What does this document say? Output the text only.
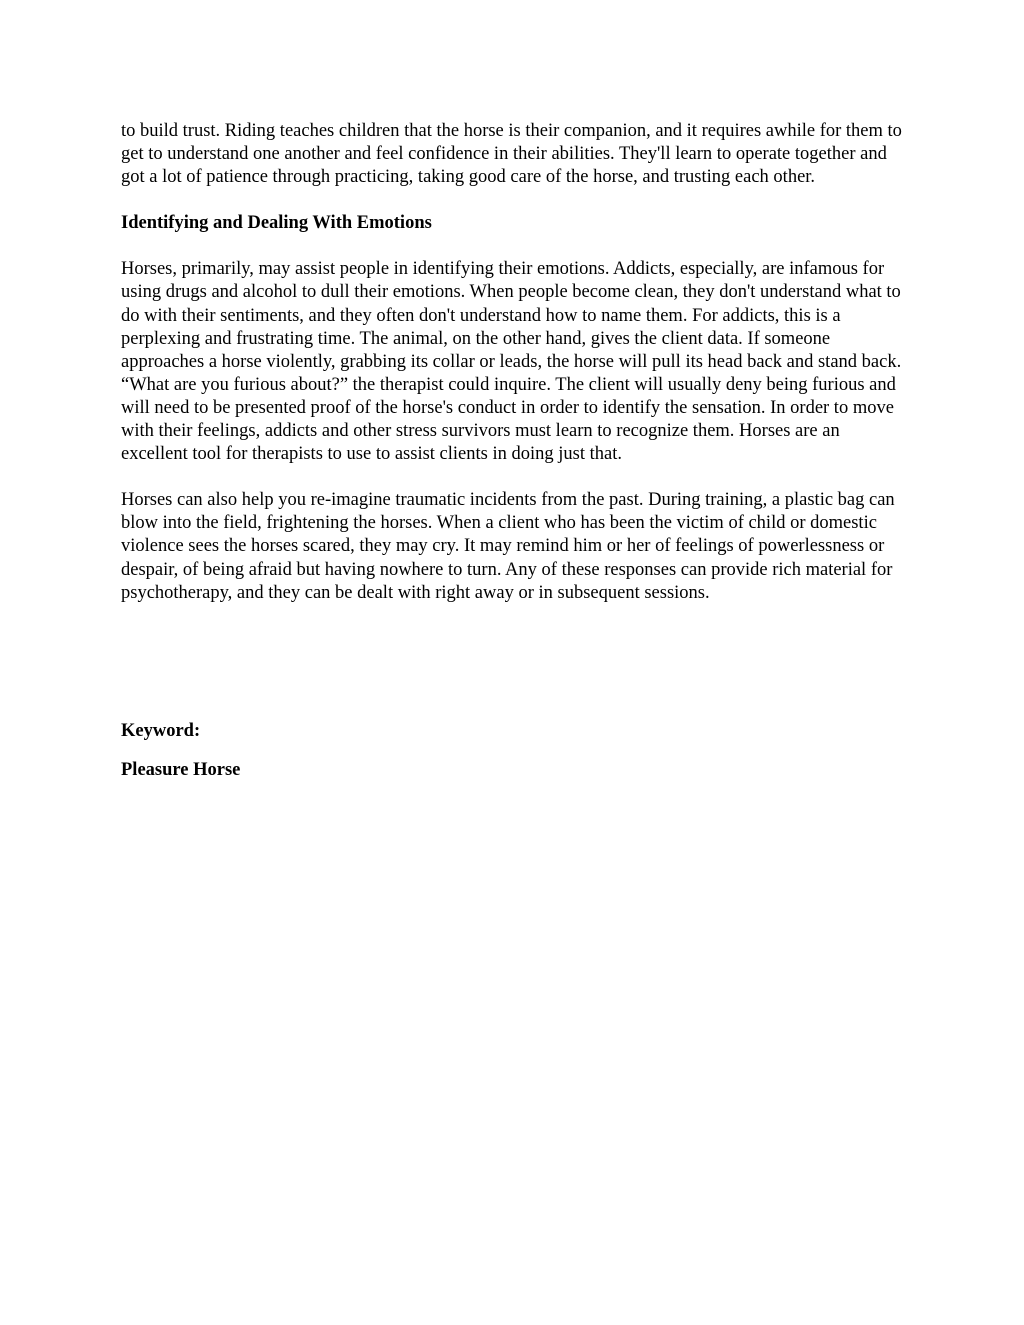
to build trust. Riding teaches children that the horse is their companion, and it requires awhile for them to get to understand one another and feel confidence in their abilities. They'll learn to operate together and got a lot of patience through practicing, taking good care of the horse, and trusting each other.

Identifying and Dealing With Emotions

Horses, primarily, may assist people in identifying their emotions. Addicts, especially, are infamous for using drugs and alcohol to dull their emotions. When people become clean, they don't understand what to do with their sentiments, and they often don't understand how to name them. For addicts, this is a perplexing and frustrating time. The animal, on the other hand, gives the client data. If someone approaches a horse violently, grabbing its collar or leads, the horse will pull its head back and stand back. “What are you furious about?” the therapist could inquire. The client will usually deny being furious and will need to be presented proof of the horse's conduct in order to identify the sensation. In order to move with their feelings, addicts and other stress survivors must learn to recognize them. Horses are an excellent tool for therapists to use to assist clients in doing just that.

Horses can also help you re-imagine traumatic incidents from the past. During training, a plastic bag can blow into the field, frightening the horses. When a client who has been the victim of child or domestic violence sees the horses scared, they may cry. It may remind him or her of feelings of powerlessness or despair, of being afraid but having nowhere to turn. Any of these responses can provide rich material for psychotherapy, and they can be dealt with right away or in subsequent sessions.

Keyword:

Pleasure Horse
